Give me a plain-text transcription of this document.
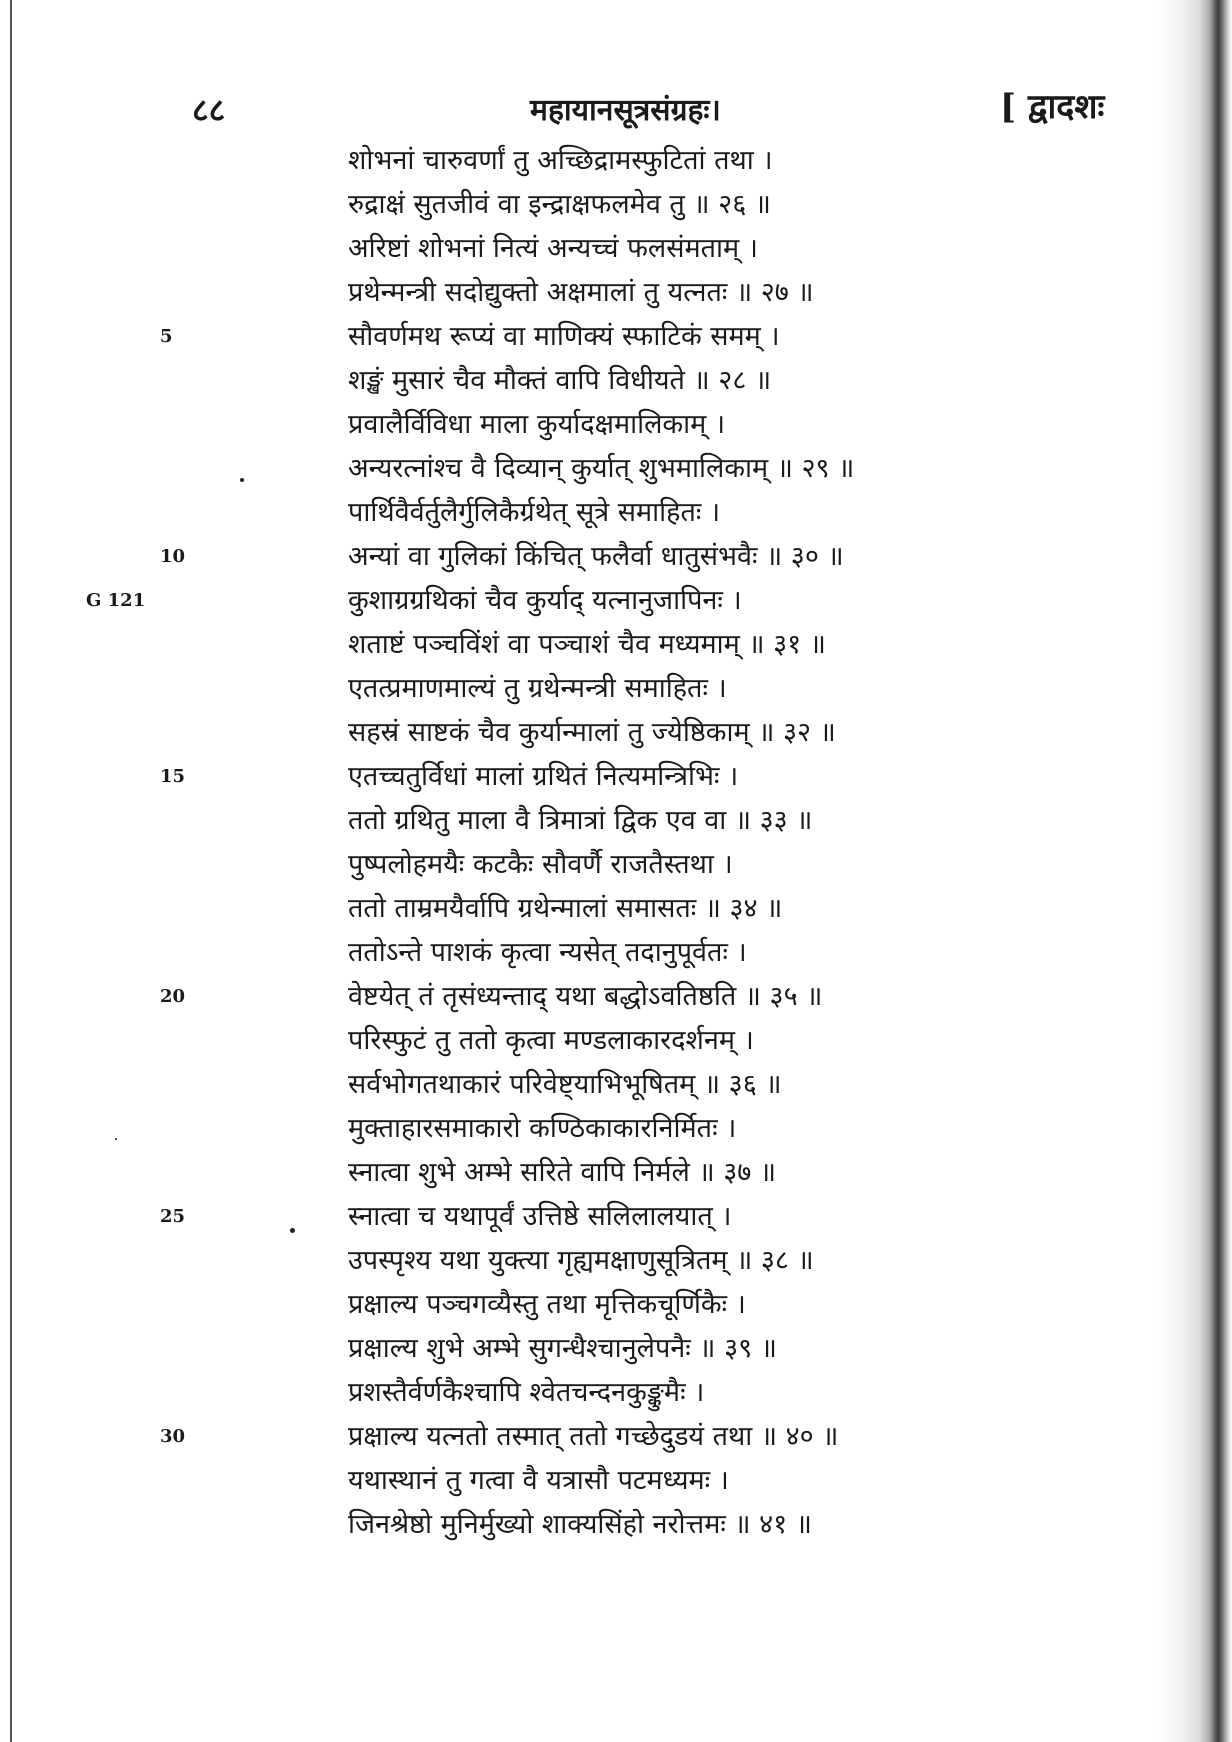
८८	महायानसूत्रसंग्रहः।	[ द्वादशः
शोभनां चारुवर्णां तु अच्छिद्रामस्फुटितां तथा ।
रुद्राक्षं सुतजीवं वा इन्द्राक्षफलमेव तु ॥ २६ ॥
अरिष्टां शोभनां नित्यं अन्यच्चं फलसंमताम् ।
प्रथेन्मन्त्री सदोद्युक्तो अक्षमालां तु यत्नतः ॥ २७ ॥
सौवर्णमथ रूप्यं वा माणिक्यं स्फाटिकं समम् ।
शङ्खं मुसारं चैव मौक्तं वापि विधीयते ॥ २८ ॥
प्रवालैर्विविधा माला कुर्यादक्षमालिकाम् ।
अन्यरत्नांश्च वै दिव्यान् कुर्यात् शुभमालिकाम् ॥ २९ ॥
पार्थिवैर्वर्तुलैर्गुलिकैर्ग्रथेत् सूत्रे समाहितः ।
अन्यां वा गुलिकां किंचित् फलैर्वा धातुसंभवैः ॥ ३० ॥
कुशाग्रग्रथिकां चैव कुर्याद् यत्नानुजापिनः ।
शताष्टं पञ्चविंशं वा पञ्चाशं चैव मध्यमाम् ॥ ३१ ॥
एतत्प्रमाणमाल्यं तु ग्रथेन्मन्त्री समाहितः ।
सहस्रं साष्टकं चैव कुर्यान्मालां तु ज्येष्ठिकाम् ॥ ३२ ॥
एतच्चतुर्विधां मालां ग्रथितं नित्यमन्त्रिभिः ।
ततो ग्रथितु माला वै त्रिमात्रां द्विक एव वा ॥ ३३ ॥
पुष्पलोहमयैः कटकैः सौवर्णै राजतैस्तथा ।
ततो ताम्रमयैर्वापि ग्रथेन्मालां समासतः ॥ ३४ ॥
ततोऽन्ते पाशकं कृत्वा न्यसेत् तदानुपूर्वतः ।
वेष्टयेत् तं तृसंध्यन्ताद् यथा बद्धोऽवतिष्ठति ॥ ३५ ॥
परिस्फुटं तु ततो कृत्वा मण्डलाकारदर्शनम् ।
सर्वभोगतथाकारं परिवेष्ट्याभिभूषितम् ॥ ३६ ॥
मुक्ताहारसमाकारो कण्ठिकाकारनिर्मितः ।
स्नात्वा शुभे अम्भे सरिते वापि निर्मले ॥ ३७ ॥
स्नात्वा च यथापूर्वं उत्तिष्ठे सलिलालयात् ।
उपस्पृश्य यथा युक्त्या गृह्यमक्षाणुसूत्रितम् ॥ ३८ ॥
प्रक्षाल्य पञ्चगव्यैस्तु तथा मृत्तिकचूर्णिकैः ।
प्रक्षाल्य शुभे अम्भे सुगन्धैश्चानुलेपनैः ॥ ३९ ॥
प्रशस्तैर्वर्णकैश्चापि श्वेतचन्दनकुङ्कुमैः ।
प्रक्षाल्य यत्नतो तस्मात् ततो गच्छेदुडयं तथा ॥ ४० ॥
यथास्थानं तु गत्वा वै यत्रासौ पटमध्यमः ।
जिनश्रेष्ठो मुनिर्मुख्यो शाक्यसिंहो नरोत्तमः ॥ ४१ ॥
5
10
G 121
15
20
25
30
